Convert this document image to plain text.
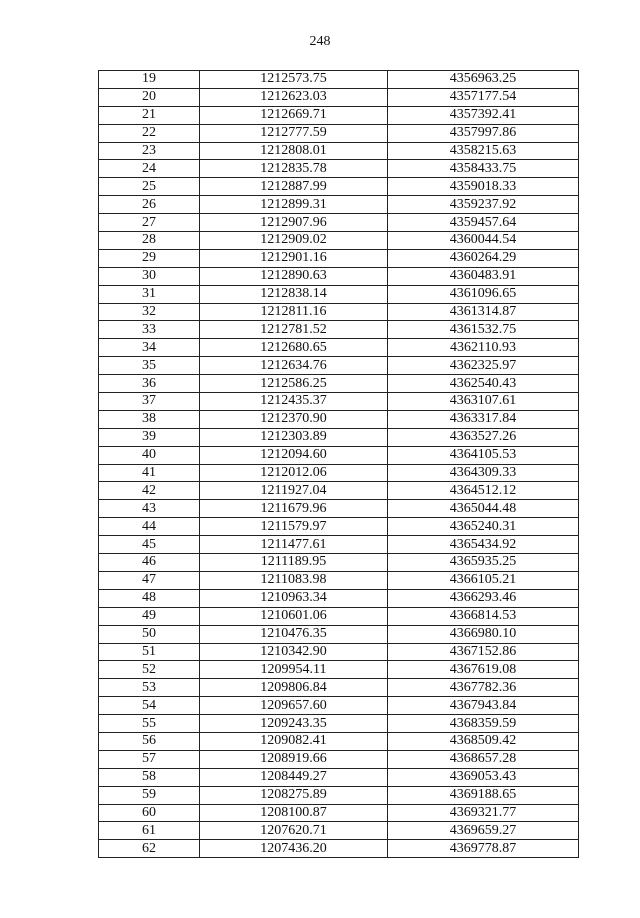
248
19	1212573.75	4356963.25
20	1212623.03	4357177.54
21	1212669.71	4357392.41
22	1212777.59	4357997.86
23	1212808.01	4358215.63
24	1212835.78	4358433.75
25	1212887.99	4359018.33
26	1212899.31	4359237.92
27	1212907.96	4359457.64
28	1212909.02	4360044.54
29	1212901.16	4360264.29
30	1212890.63	4360483.91
31	1212838.14	4361096.65
32	1212811.16	4361314.87
33	1212781.52	4361532.75
34	1212680.65	4362110.93
35	1212634.76	4362325.97
36	1212586.25	4362540.43
37	1212435.37	4363107.61
38	1212370.90	4363317.84
39	1212303.89	4363527.26
40	1212094.60	4364105.53
41	1212012.06	4364309.33
42	1211927.04	4364512.12
43	1211679.96	4365044.48
44	1211579.97	4365240.31
45	1211477.61	4365434.92
46	1211189.95	4365935.25
47	1211083.98	4366105.21
48	1210963.34	4366293.46
49	1210601.06	4366814.53
50	1210476.35	4366980.10
51	1210342.90	4367152.86
52	1209954.11	4367619.08
53	1209806.84	4367782.36
54	1209657.60	4367943.84
55	1209243.35	4368359.59
56	1209082.41	4368509.42
57	1208919.66	4368657.28
58	1208449.27	4369053.43
59	1208275.89	4369188.65
60	1208100.87	4369321.77
61	1207620.71	4369659.27
62	1207436.20	4369778.87
